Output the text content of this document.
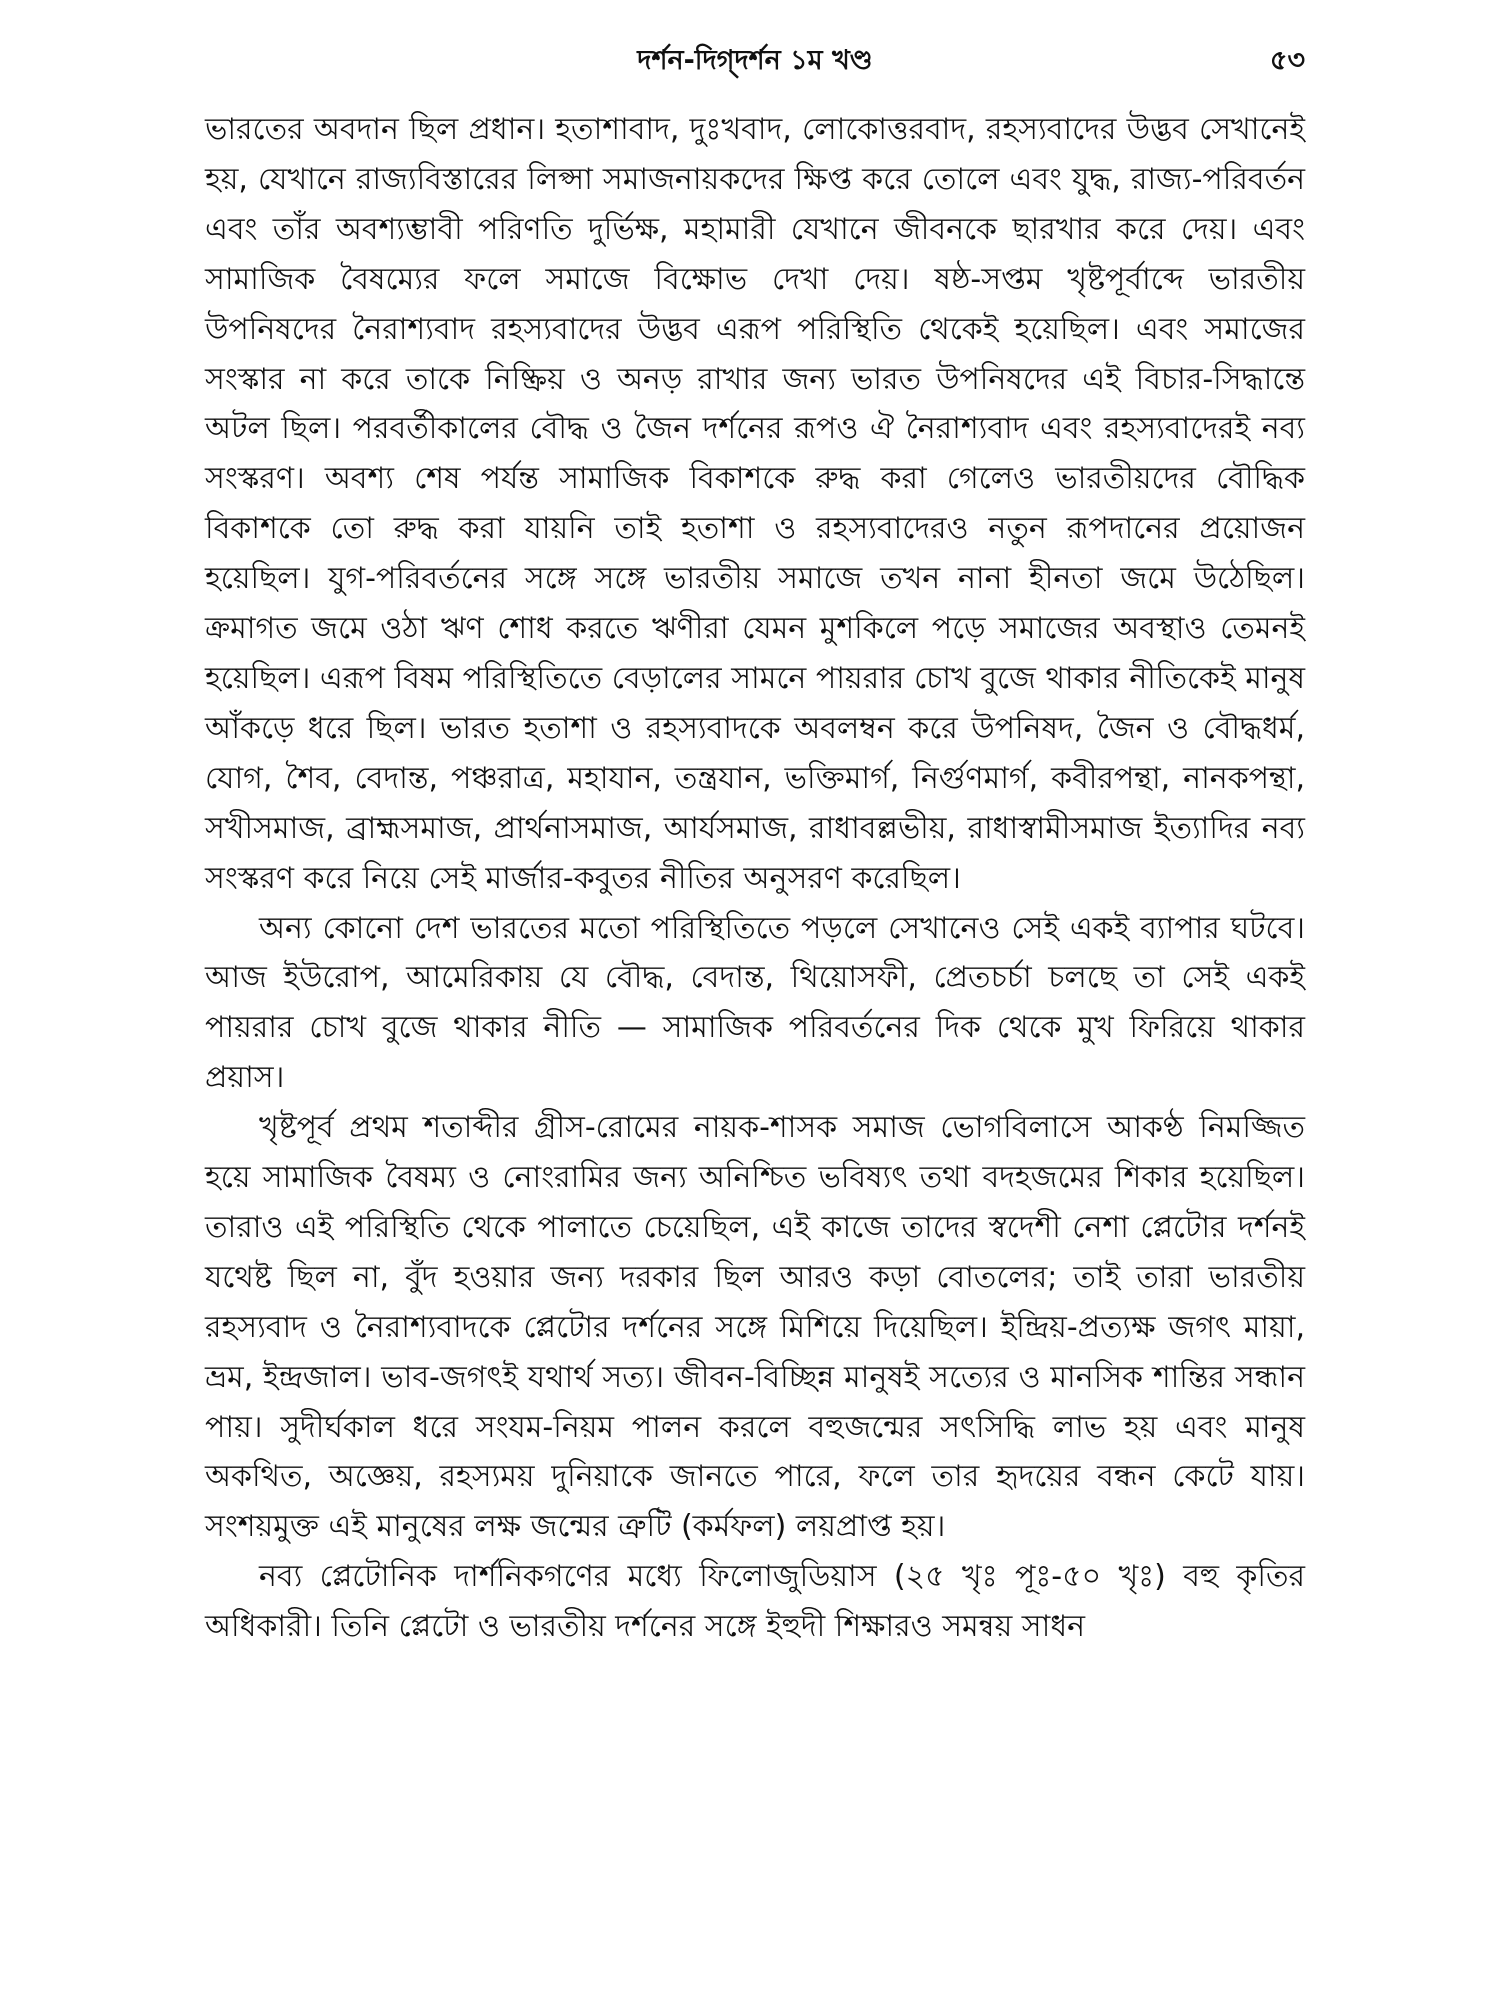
দর্শন-দিগ্‌দর্শন ১ম খণ্ড	৫৩

ভারতের অবদান ছিল প্রধান। হতাশাবাদ, দুঃখবাদ, লোকোত্তরবাদ, রহস্যবাদের উদ্ভব সেখানেই হয়, যেখানে রাজ্যবিস্তারের লিপ্সা সমাজনায়কদের ক্ষিপ্ত করে তোলে এবং যুদ্ধ, রাজ্য-পরিবর্তন এবং তাঁর অবশ্যম্ভাবী পরিণতি দুর্ভিক্ষ, মহামারী যেখানে জীবনকে ছারখার করে দেয়। এবং সামাজিক বৈষম্যের ফলে সমাজে বিক্ষোভ দেখা দেয়। ষষ্ঠ-সপ্তম খৃষ্টপূর্বাব্দে ভারতীয় উপনিষদের নৈরাশ্যবাদ রহস্যবাদের উদ্ভব এরূপ পরিস্থিতি থেকেই হয়েছিল। এবং সমাজের সংস্কার না করে তাকে নিষ্ক্রিয় ও অনড় রাখার জন্য ভারত উপনিষদের এই বিচার-সিদ্ধান্তে অটল ছিল। পরবর্তীকালের বৌদ্ধ ও জৈন দর্শনের রূপও ঐ নৈরাশ্যবাদ এবং রহস্যবাদেরই নব্য সংস্করণ। অবশ্য শেষ পর্যন্ত সামাজিক বিকাশকে রুদ্ধ করা গেলেও ভারতীয়দের বৌদ্ধিক বিকাশকে তো রুদ্ধ করা যায়নি তাই হতাশা ও রহস্যবাদেরও নতুন রূপদানের প্রয়োজন হয়েছিল। যুগ-পরিবর্তনের সঙ্গে সঙ্গে ভারতীয় সমাজে তখন নানা হীনতা জমে উঠেছিল। ক্রমাগত জমে ওঠা ঋণ শোধ করতে ঋণীরা যেমন মুশকিলে পড়ে সমাজের অবস্থাও তেমনই হয়েছিল। এরূপ বিষম পরিস্থিতিতে বেড়ালের সামনে পায়রার চোখ বুজে থাকার নীতিকেই মানুষ আঁকড়ে ধরে ছিল। ভারত হতাশা ও রহস্যবাদকে অবলম্বন করে উপনিষদ, জৈন ও বৌদ্ধধর্ম, যোগ, শৈব, বেদান্ত, পঞ্চরাত্র, মহাযান, তন্ত্রযান, ভক্তিমার্গ, নির্গুণমার্গ, কবীরপন্থা, নানকপন্থা, সখীসমাজ, ব্রাহ্মসমাজ, প্রার্থনাসমাজ, আর্যসমাজ, রাধাবল্লভীয়, রাধাস্বামীসমাজ ইত্যাদির নব্য সংস্করণ করে নিয়ে সেই মার্জার-কবুতর নীতির অনুসরণ করেছিল।

অন্য কোনো দেশ ভারতের মতো পরিস্থিতিতে পড়লে সেখানেও সেই একই ব্যাপার ঘটবে। আজ ইউরোপ, আমেরিকায় যে বৌদ্ধ, বেদান্ত, থিয়োসফী, প্রেতচর্চা চলছে তা সেই একই পায়রার চোখ বুজে থাকার নীতি — সামাজিক পরিবর্তনের দিক থেকে মুখ ফিরিয়ে থাকার প্রয়াস।

খৃষ্টপূর্ব প্রথম শতাব্দীর গ্রীস-রোমের নায়ক-শাসক সমাজ ভোগবিলাসে আকণ্ঠ নিমজ্জিত হয়ে সামাজিক বৈষম্য ও নোংরামির জন্য অনিশ্চিত ভবিষ্যৎ তথা বদহজমের শিকার হয়েছিল। তারাও এই পরিস্থিতি থেকে পালাতে চেয়েছিল, এই কাজে তাদের স্বদেশী নেশা প্লেটোর দর্শনই যথেষ্ট ছিল না, বুঁদ হওয়ার জন্য দরকার ছিল আরও কড়া বোতলের; তাই তারা ভারতীয় রহস্যবাদ ও নৈরাশ্যবাদকে প্লেটোর দর্শনের সঙ্গে মিশিয়ে দিয়েছিল। ইন্দ্রিয়-প্রত্যক্ষ জগৎ মায়া, ভ্রম, ইন্দ্রজাল। ভাব-জগৎই যথার্থ সত্য। জীবন-বিচ্ছিন্ন মানুষই সত্যের ও মানসিক শান্তির সন্ধান পায়। সুদীর্ঘকাল ধরে সংযম-নিয়ম পালন করলে বহুজন্মের সৎসিদ্ধি লাভ হয় এবং মানুষ অকথিত, অজ্ঞেয়, রহস্যময় দুনিয়াকে জানতে পারে, ফলে তার হৃদয়ের বন্ধন কেটে যায়। সংশয়মুক্ত এই মানুষের লক্ষ জন্মের ত্রুটি (কর্মফল) লয়প্রাপ্ত হয়।

নব্য প্লেটোনিক দার্শনিকগণের মধ্যে ফিলোজুডিয়াস (২৫ খৃঃ পূঃ-৫০ খৃঃ) বহু কৃতির অধিকারী। তিনি প্লেটো ও ভারতীয় দর্শনের সঙ্গে ইহুদী শিক্ষারও সমন্বয় সাধন
